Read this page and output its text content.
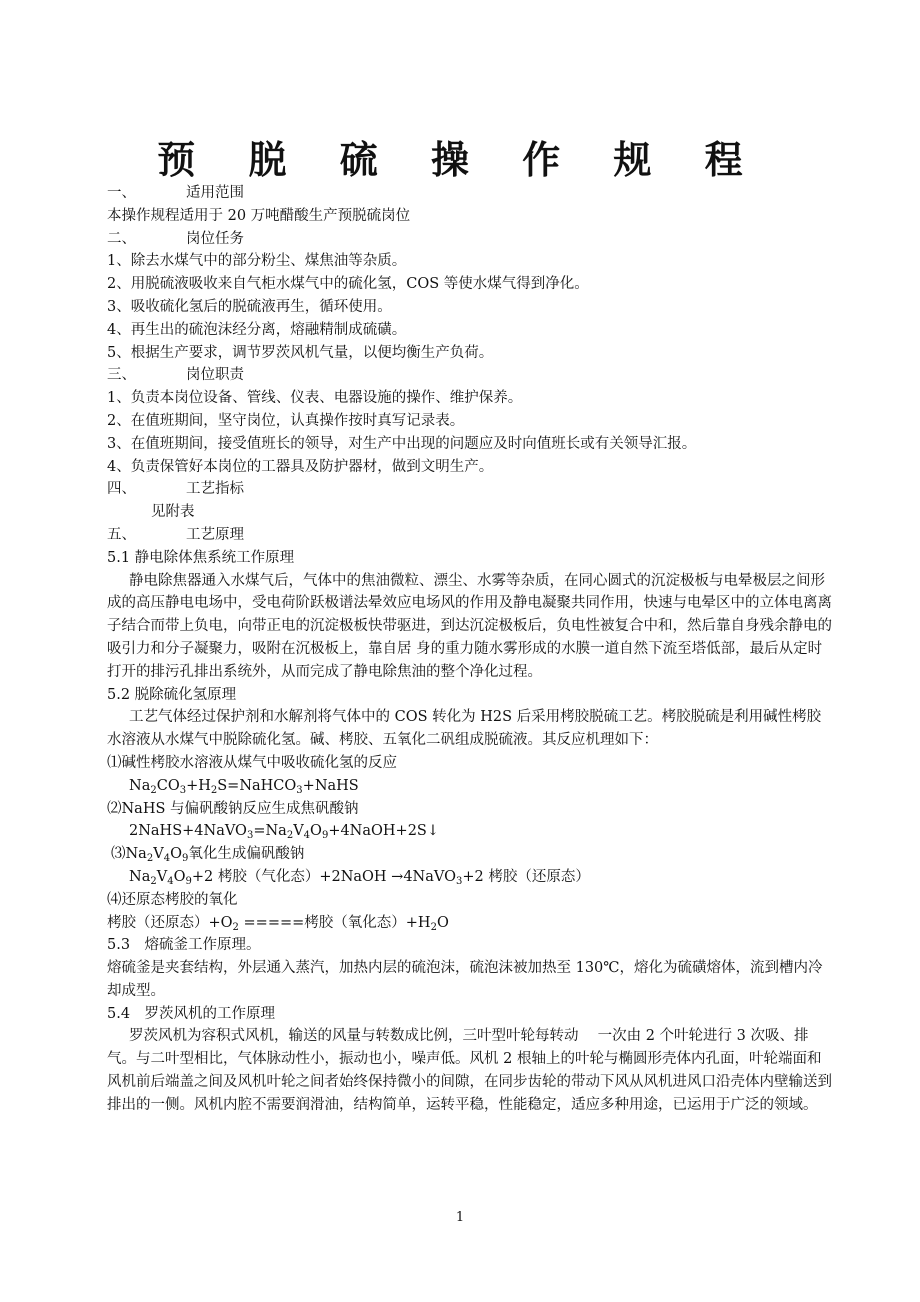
预 脱 硫 操 作 规 程

一、	适用范围

本操作规程适用于 20 万吨醋酸生产预脱硫岗位

二、	岗位任务

1、除去水煤气中的部分粉尘、煤焦油等杂质。

2、用脱硫液吸收来自气柜水煤气中的硫化氢，COS 等使水煤气得到净化。

3、吸收硫化氢后的脱硫液再生，循环使用。

4、再生出的硫泡沫经分离，熔融精制成硫磺。

5、根据生产要求，调节罗茨风机气量，以便均衡生产负荷。

三、	岗位职责

1、负责本岗位设备、管线、仪表、电器设施的操作、维护保养。

2、在值班期间，坚守岗位，认真操作按时真写记录表。

3、在值班期间，接受值班长的领导，对生产中出现的问题应及时向值班长或有关领导汇报。

4、负责保管好本岗位的工器具及防护器材，做到文明生产。

四、	工艺指标

见附表

五、	工艺原理

5.1 静电除体焦系统工作原理

静电除焦器通入水煤气后，气体中的焦油微粒、漂尘、水雾等杂质，在同心圆式的沉淀极板与电晕极层之间形成的高压静电电场中，受电荷阶跃极谱法晕效应电场风的作用及静电凝聚共同作用，快速与电晕区中的立体电离离子结合而带上负电，向带正电的沉淀极板快带驱进，到达沉淀极板后，负电性被复合中和，然后靠自身残余静电的吸引力和分子凝聚力，吸附在沉极板上，靠自居 身的重力随水雾形成的水膜一道自然下流至塔低部，最后从定时打开的排污孔排出系统外，从而完成了静电除焦油的整个净化过程。

5.2 脱除硫化氢原理

工艺气体经过保护剂和水解剂将气体中的 COS 转化为 H2S 后采用栲胶脱硫工艺。栲胶脱硫是利用碱性栲胶水溶液从水煤气中脱除硫化氢。碱、栲胶、五氧化二矾组成脱硫液。其反应机理如下：

⑴碱性栲胶水溶液从煤气中吸收硫化氢的反应

$Na_2CO_3+H_2S=NaHCO_3+NaHS$

⑵NaHS 与偏矾酸钠反应生成焦矾酸钠

$2NaHS+4NaVO_3=Na_2V_4O_9+4NaOH+2S↓$

$⑶Na_2V_4O_9$氧化生成偏矾酸钠

$Na_2V_4O_9+2$ 栲胶（气化态）+2NaOH →4NaVO$_3$+2 栲胶（还原态）

⑷还原态栲胶的氧化

栲胶（还原态）$+O_2$ =====栲胶（氧化态）$+H_2O$

5.3　熔硫釜工作原理。

熔硫釜是夹套结构，外层通入蒸汽，加热内层的硫泡沫，硫泡沫被加热至 130℃，熔化为硫磺熔体，流到槽内冷却成型。

5.4　罗茨风机的工作原理

罗茨风机为容积式风机，输送的风量与转数成比例，三叶型叶轮每转动　 一次由 2 个叶轮进行 3 次吸、排气。与二叶型相比，气体脉动性小，振动也小，噪声低。风机 2 根轴上的叶轮与椭圆形壳体内孔面，叶轮端面和风机前后端盖之间及风机叶轮之间者始终保持微小的间隙，在同步齿轮的带动下风从风机进风口沿壳体内壁输送到排出的一侧。风机内腔不需要润滑油，结构简单，运转平稳，性能稳定，适应多种用途，已运用于广泛的领域。

1
